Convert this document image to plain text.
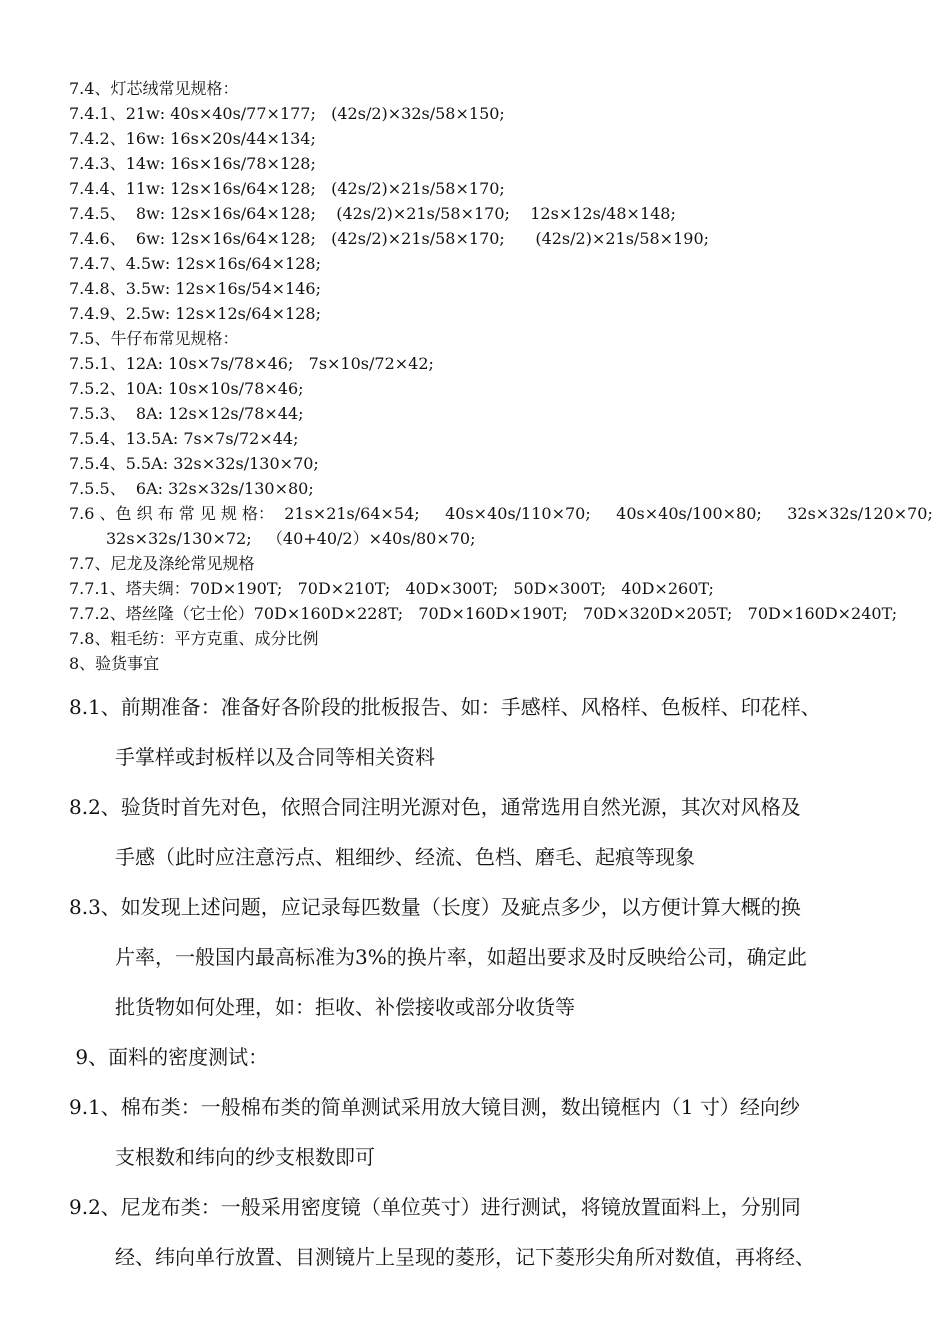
7.4、灯芯绒常见规格：
7.4.1、21w: 40s×40s/77×177;   (42s/2)×32s/58×150;
7.4.2、16w: 16s×20s/44×134;
7.4.3、14w: 16s×16s/78×128;
7.4.4、11w: 12s×16s/64×128;   (42s/2)×21s/58×170;
7.4.5、  8w: 12s×16s/64×128;    (42s/2)×21s/58×170;    12s×12s/48×148;
7.4.6、  6w: 12s×16s/64×128;   (42s/2)×21s/58×170;      (42s/2)×21s/58×190;
7.4.7、4.5w: 12s×16s/64×128;
7.4.8、3.5w: 12s×16s/54×146;
7.4.9、2.5w: 12s×12s/64×128;
7.5、牛仔布常见规格：
7.5.1、12A: 10s×7s/78×46;   7s×10s/72×42;
7.5.2、10A: 10s×10s/78×46;
7.5.3、  8A: 12s×12s/78×44;
7.5.4、13.5A: 7s×7s/72×44;
7.5.4、5.5A: 32s×32s/130×70;
7.5.5、  6A: 32s×32s/130×80;
7.6 、色 织 布 常 见 规 格：  21s×21s/64×54;     40s×40s/110×70;     40s×40s/100×80;     32s×32s/120×70;
32s×32s/130×72;   （40+40/2）×40s/80×70;
7.7、尼龙及涤纶常见规格
7.7.1、塔夫绸：70D×190T;   70D×210T;   40D×300T;   50D×300T;   40D×260T;
7.7.2、塔丝隆（它士伦）70D×160D×228T;   70D×160D×190T;   70D×320D×205T;   70D×160D×240T;
7.8、粗毛纺：平方克重、成分比例
8、验货事宜
8.1、前期准备：准备好各阶段的批板报告、如：手感样、风格样、色板样、印花样、
手掌样或封板样以及合同等相关资料
8.2、验货时首先对色，依照合同注明光源对色，通常选用自然光源，其次对风格及
手感（此时应注意污点、粗细纱、经流、色档、磨毛、起痕等现象
8.3、如发现上述问题，应记录每匹数量（长度）及疵点多少，以方便计算大概的换
片率，一般国内最高标准为3%的换片率，如超出要求及时反映给公司，确定此
批货物如何处理，如：拒收、补偿接收或部分收货等
9、面料的密度测试：
9.1、棉布类：一般棉布类的简单测试采用放大镜目测，数出镜框内（1 寸）经向纱
支根数和纬向的纱支根数即可
9.2、尼龙布类：一般采用密度镜（单位英寸）进行测试，将镜放置面料上，分别同
经、纬向单行放置、目测镜片上呈现的菱形，记下菱形尖角所对数值，再将经、
